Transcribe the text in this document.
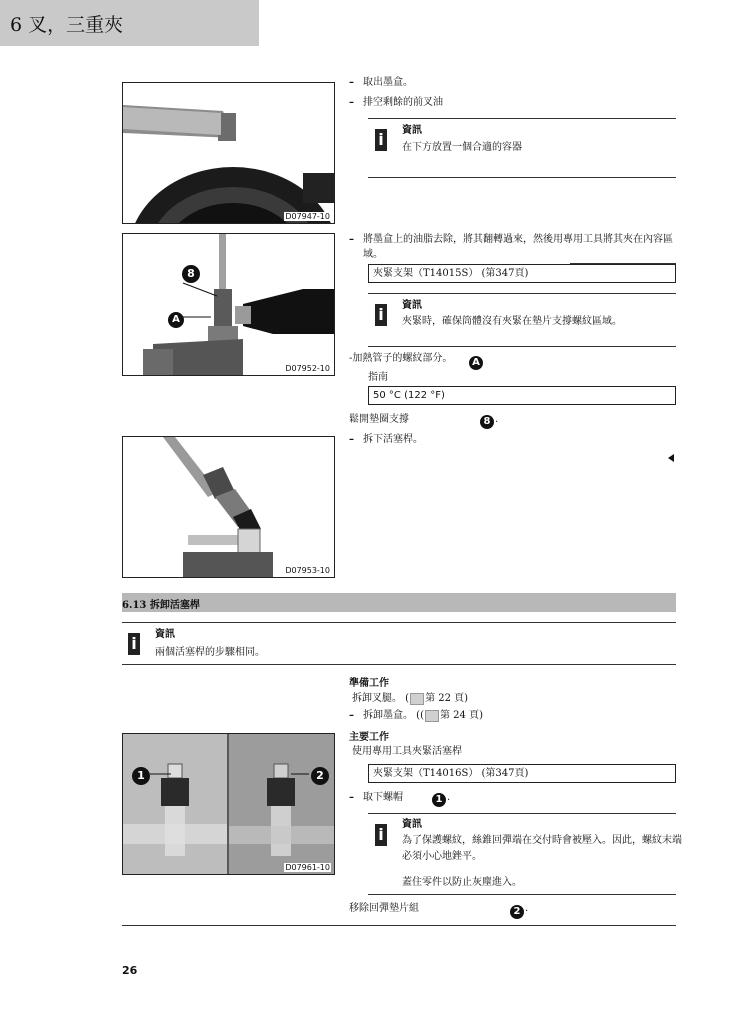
6 叉，三重夾
D07947-10
– 取出墨盒。
– 排空剩餘的前叉油
i	資訊
在下方放置一個合適的容器
8
A
D07952-10
– 將墨盒上的油脂去除，將其翻轉過來，然後用專用工具將其夾在內容區
域。
夾緊支架（T14015S） (第347頁)
i	資訊
夾緊時，確保筒體沒有夾緊在墊片支撐螺紋區域。
-加熱管子的螺紋部分。	A
指南
50 °C (122 °F)
鬆開墊圈支撐	8 .
– 拆下活塞桿。
D07953-10
6.13 拆卸活塞桿
i	資訊
兩個活塞桿的步驟相同。
準備工作
拆卸叉腿。 ( 第 22 頁)
– 拆卸墨盒。 (( 第 24 頁)
主要工作
使用專用工具夾緊活塞桿
夾緊支架（T14016S） (第347頁)
– 取下螺帽	1 .
i
資訊
為了保護螺紋，絲錐回彈端在交付時會被壓入。因此，螺紋末端
必須小心地銼平。
蓋住零件以防止灰塵進入。
移除回彈墊片組	2 .
1	2
D07961-10
26
